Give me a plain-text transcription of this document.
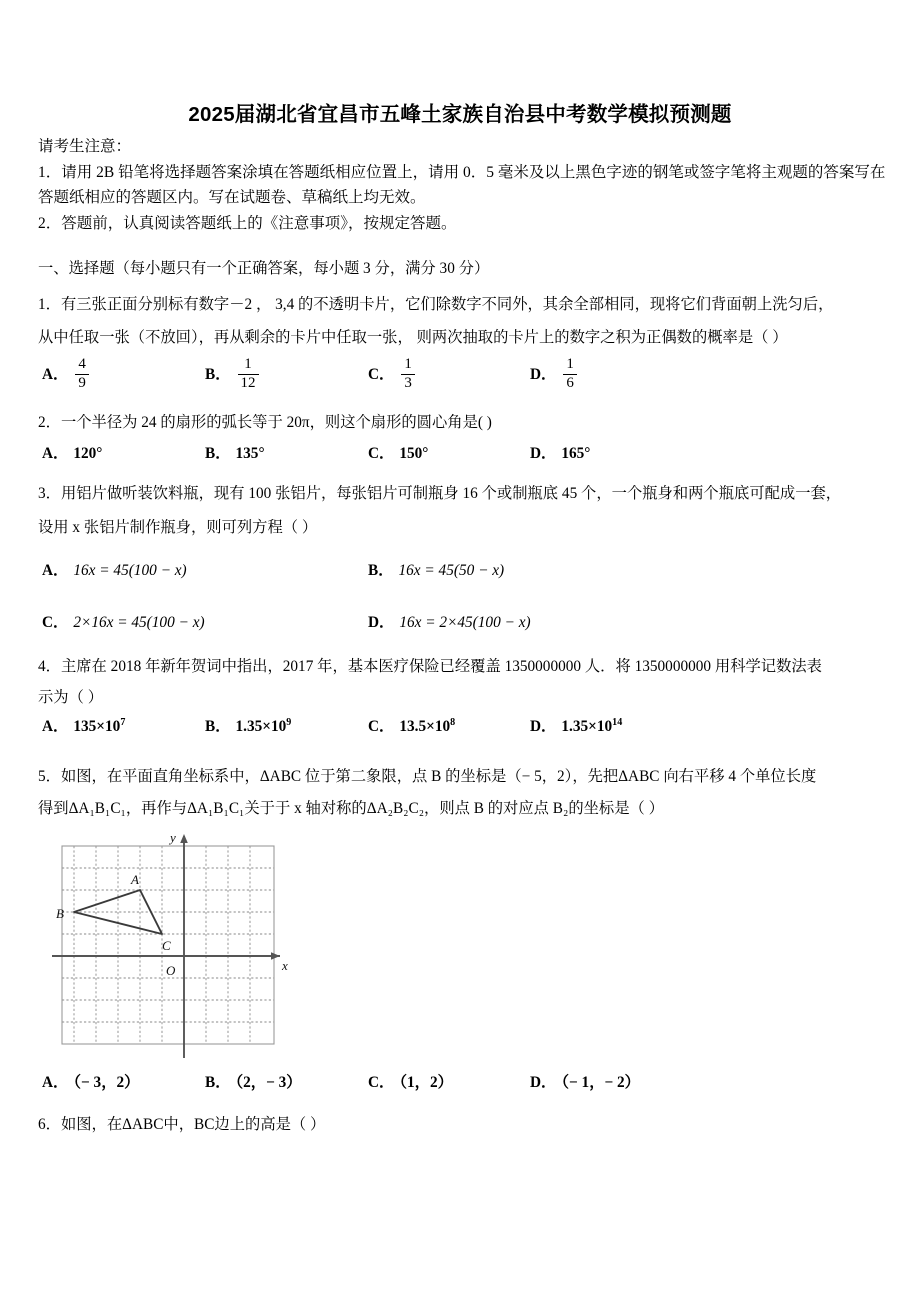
2025届湖北省宜昌市五峰土家族自治县中考数学模拟预测题
请考生注意：
1．请用 2B 铅笔将选择题答案涂填在答题纸相应位置上，请用 0．5 毫米及以上黑色字迹的钢笔或签字笔将主观题的答案写在答题纸相应的答题区内。写在试题卷、草稿纸上均无效。
2．答题前，认真阅读答题纸上的《注意事项》，按规定答题。
一、选择题（每小题只有一个正确答案，每小题 3 分，满分 30 分）
1．有三张正面分别标有数字－2 ， 3,4 的不透明卡片，它们除数字不同外，其余全部相同，现将它们背面朝上洗匀后，
从中任取一张（不放回），再从剩余的卡片中任取一张， 则两次抽取的卡片上的数字之积为正偶数的概率是（ ）
A． $\frac{4}{9}$	B． $\frac{1}{12}$	C． $\frac{1}{3}$	D． $\frac{1}{6}$
2．一个半径为 24 的扇形的弧长等于 20π，则这个扇形的圆心角是( )
A． 120°	B． 135°	C． 150°	D． 165°
3．用铝片做听装饮料瓶，现有 100 张铝片，每张铝片可制瓶身 16 个或制瓶底 45 个，一个瓶身和两个瓶底可配成一套，
设用 x 张铝片制作瓶身，则可列方程（ ）
A． 16x = 45(100 − x)	B． 16x = 45(50 − x)
C． 2×16x = 45(100 − x)	D． 16x = 2×45(100 − x)
4．主席在 2018 年新年贺词中指出，2017 年，基本医疗保险已经覆盖 1350000000 人．将 1350000000 用科学记数法表
示为（ ）
A． $135\times 10^7$	B． $1.35\times 10^9$	C． $13.5\times 10^8$	D． $1.35\times 10^{14}$
5．如图，在平面直角坐标系中，ΔABC 位于第二象限，点 B 的坐标是（− 5，2），先把ΔABC 向右平移 4 个单位长度
得到ΔA₁B₁C₁，再作与ΔA₁B₁C₁关于于 x 轴对称的ΔA₂B₂C₂，则点 B 的对应点 B₂的坐标是（ ）
A
B
C
O
y
x
A． （− 3，2）	B． （2，− 3）	C． （1，2）	D． （− 1，− 2）
6．如图，在ΔABC中，BC边上的高是（ ）
